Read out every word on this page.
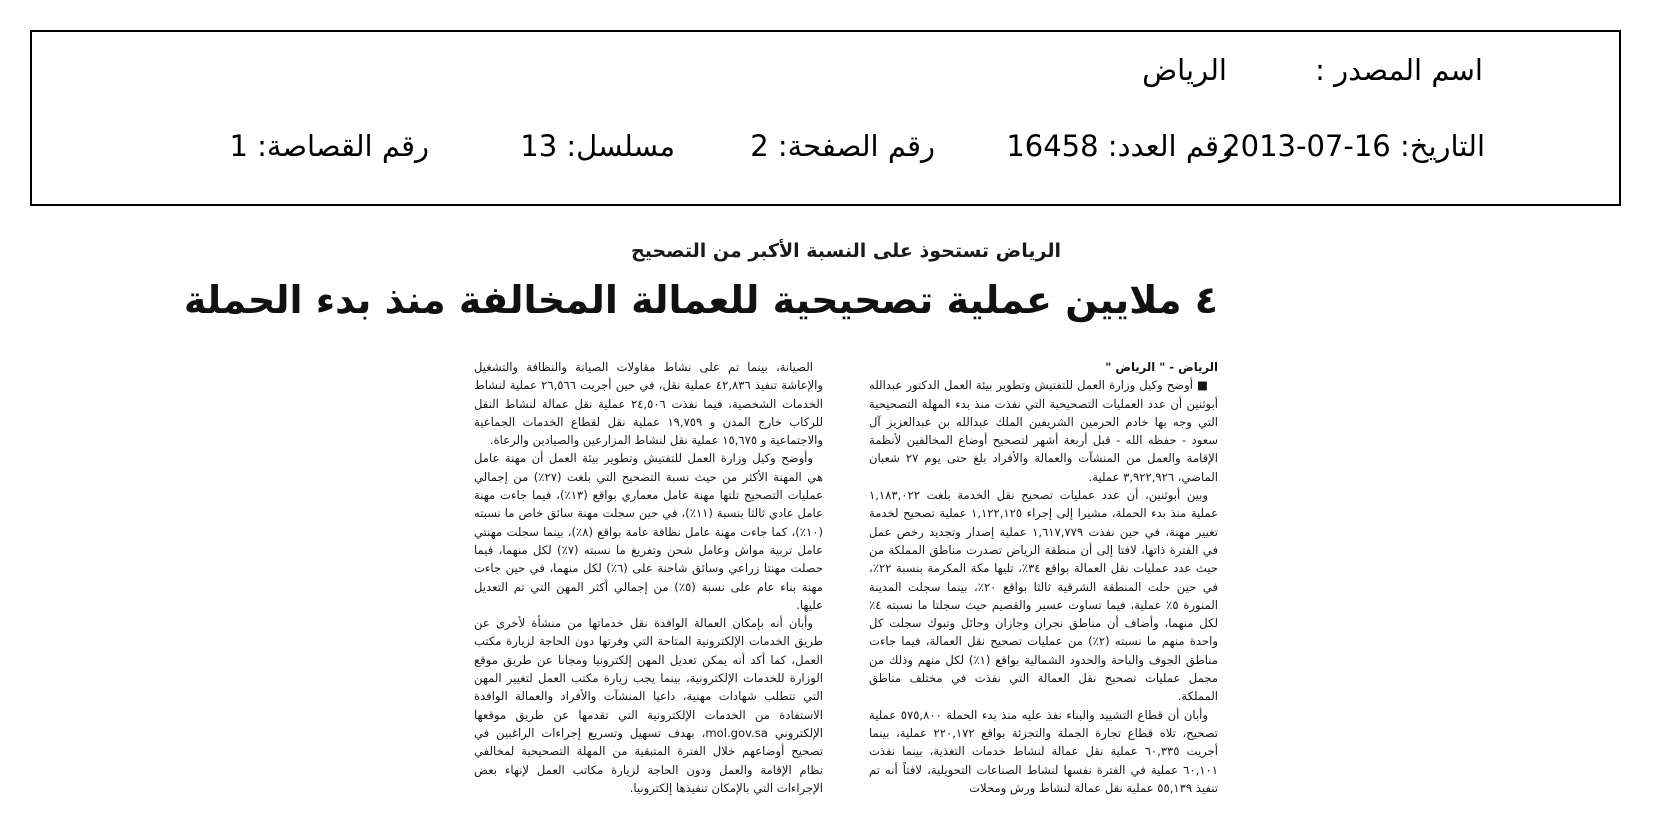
اسم المصدر :
الرياض
التاريخ: 16-07-2013
رقم العدد: 16458
رقم الصفحة: 2
مسلسل: 13
رقم القصاصة: 1
الرياض تستحوذ على النسبة الأكبر من التصحيح
٤ ملايين عملية تصحيحية للعمالة المخالفة منذ بدء الحملة
الرياض - " الرياض "

■ أوضح وكيل وزارة العمل للتفتيش وتطوير بيئة العمل الدكتور عبدالله أبوثنين أن عدد العمليات التصحيحية التي نفذت منذ بدء المهلة التصحيحية التي وجه بها خادم الحرمين الشريفين الملك عبدالله بن عبدالعزيز آل سعود - حفظه الله - قبل أربعة أشهر لتصحيح أوضاع المخالفين لأنظمة الإقامة والعمل من المنشآت والعمالة والأفراد بلغ حتى يوم ٢٧ شعبان الماضي، ٣,٩٢٢,٩٢٦ عملية.

وبين أبوثنين، أن عدد عمليات تصحيح نقل الخدمة بلغت ١,١٨٣,٠٢٢ عملية منذ بدء الحملة، مشيرا إلى إجراء ١,١٢٢,١٢٥ عملية تصحيح لخدمة تغيير مهنة، في حين نفذت ١,٦١٧,٧٧٩ عملية إصدار وتجديد رخص عمل في الفترة ذاتها، لافتا إلى أن منطقة الرياض تصدرت مناطق المملكة من حيث عدد عمليات نقل العمالة بواقع ٣٤٪، تليها مكة المكرمة بنسبة ٢٢٪، في حين حلت المنطقة الشرقية ثالثا بواقع ٢٠٪، بينما سجلت المدينة المنورة ٥٪ عملية، فيما تساوت عسير والقصيم حيث سجلتا ما نسبته ٤٪ لكل منهما، وأضاف أن مناطق نجران وجازان وحائل وتبوك سجلت كل واحدة منهم ما نسبته (٢٪) من عمليات تصحيح نقل العمالة، فيما جاءت مناطق الجوف والباحة والحدود الشمالية بواقع (١٪) لكل منهم وذلك من مجمل عمليات تصحيح نقل العمالة التي نفذت في مختلف مناطق المملكة.

وأبان أن قطاع التشييد والبناء نفذ عليه منذ بدء الحملة ٥٧٥,٨٠٠ عملية تصحيح، تلاه قطاع تجارة الجملة والتجزئة بواقع ٢٢٠,١٧٢ عملية، بينما أجريت ٦٠,٣٣٥ عملية نقل عمالة لنشاط خدمات التغذية، بينما نفذت ٦٠,١٠١ عملية في الفترة نفسها لنشاط الصناعات التحويلية، لافتاً أنه تم تنفيذ ٥٥,١٣٩ عملية نقل عمالة لنشاط ورش ومحلات

الصيانة، بينما تم على نشاط مقاولات الصيانة والنظافة والتشغيل والإعاشة تنفيذ ٤٢,٨٣٦ عملية نقل، في حين أجريت ٢٦,٥٦٦ عملية لنشاط الخدمات الشخصية، فيما نفذت ٢٤,٥٠٦ عملية نقل عمالة لنشاط النقل للركاب خارج المدن و ١٩,٧٥٩ عملية نقل لقطاع الخدمات الجماعية والاجتماعية و ١٥,٦٧٥ عملية نقل لنشاط المزارعين والصيادين والرعاة.

وأوضح وكيل وزارة العمل للتفتيش وتطوير بيئة العمل أن مهنة عامل هي المهنة الأكثر من حيث نسبة التصحيح التي بلغت (٢٧٪) من إجمالي عمليات التصحيح تلتها مهنة عامل معماري بواقع (١٣٪)، فيما جاءت مهنة عامل عادي ثالثا بنسبة (١١٪)، في حين سجلت مهنة سائق خاص ما نسبته (١٠٪)، كما جاءت مهنة عامل نظافة عامة بواقع (٨٪)، بينما سجلت مهنتي عامل تربية مواش وعامل شحن وتفريغ ما نسبته (٧٪) لكل منهما، فيما حصلت مهنتا زراعي وسائق شاحنة على (٦٪) لكل منهما، في حين جاءت مهنة بناء عام على نسبة (٥٪) من إجمالي أكثر المهن التي تم التعديل عليها.

وأبان أنه بإمكان العمالة الوافدة نقل خدماتها من منشأة لأخرى عن طريق الخدمات الإلكترونية المتاحة التي وفرتها دون الحاجة لزيارة مكتب العمل، كما أكد أنه يمكن تعديل المهن إلكترونيا ومجانا عن طريق موقع الوزارة للخدمات الإلكترونية، بينما يجب زيارة مكتب العمل لتغيير المهن التي تتطلب شهادات مهنية، داعيا المنشآت والأفراد والعمالة الوافدة الاستفادة من الخدمات الإلكترونية التي تقدمها عن طريق موقعها الإلكتروني mol.gov.sa، بهدف تسهيل وتسريع إجراءات الراغبين في تصحيح أوضاعهم خلال الفترة المتبقية من المهلة التصحيحية لمخالفي نظام الإقامة والعمل ودون الحاجة لزيارة مكاتب العمل لإنهاء بعض الإجراءات التي بالإمكان تنفيذها إلكترونيا.
